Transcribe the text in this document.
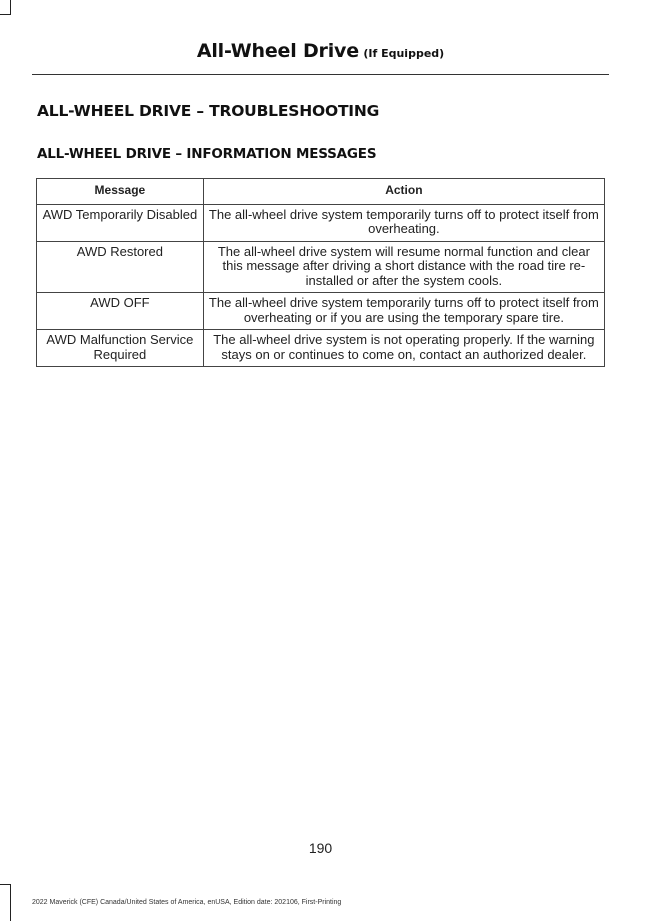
All-Wheel Drive (If Equipped)
ALL-WHEEL DRIVE – TROUBLESHOOTING
ALL-WHEEL DRIVE – INFORMATION MESSAGES
Message	Action
AWD Temporarily Disabled	The all-wheel drive system temporarily turns off to protect itself from overheating.
AWD Restored	The all-wheel drive system will resume normal function and clear this message after driving a short distance with the road tire re-installed or after the system cools.
AWD OFF	The all-wheel drive system temporarily turns off to protect itself from overheating or if you are using the temporary spare tire.
AWD Malfunction Service Required	The all-wheel drive system is not operating properly. If the warning stays on or continues to come on, contact an authorized dealer.
190
2022 Maverick (CFE) Canada/United States of America, enUSA, Edition date: 202106, First-Printing
